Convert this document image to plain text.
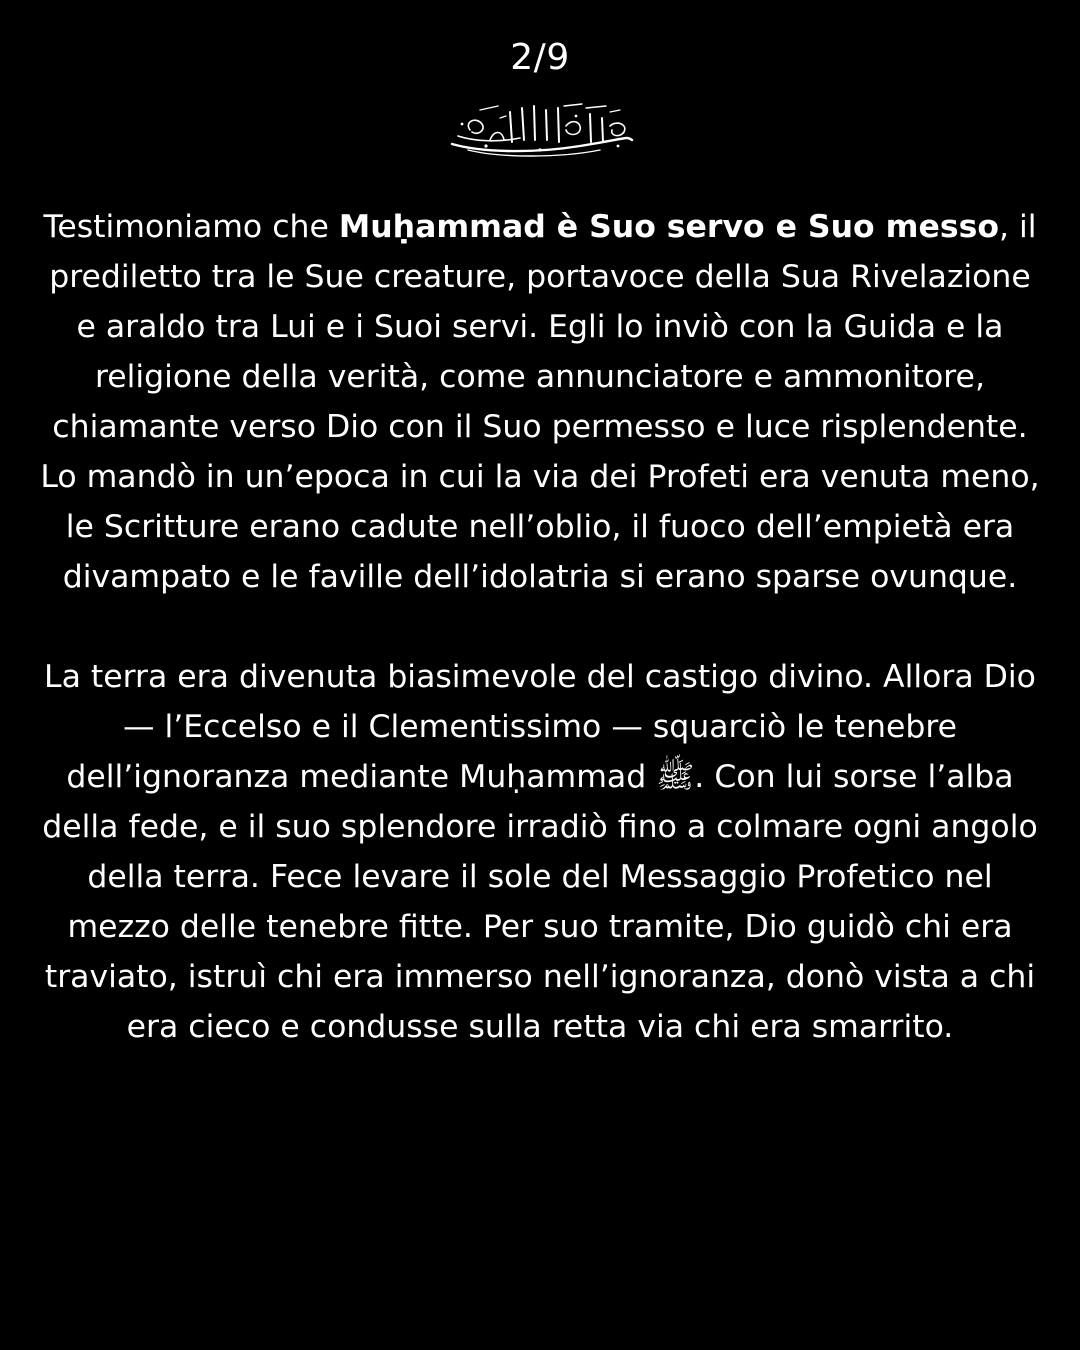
2/9

Testimoniamo che Muḥammad è Suo servo e Suo messo, il prediletto tra le Sue creature, portavoce della Sua Rivelazione e araldo tra Lui e i Suoi servi. Egli lo inviò con la Guida e la religione della verità, come annunciatore e ammonitore, chiamante verso Dio con il Suo permesso e luce risplendente. Lo mandò in un’epoca in cui la via dei Profeti era venuta meno, le Scritture erano cadute nell’oblio, il fuoco dell’empietà era divampato e le faville dell’idolatria si erano sparse ovunque.

La terra era divenuta biasimevole del castigo divino. Allora Dio — l’Eccelso e il Clementissimo — squarciò le tenebre dell’ignoranza mediante Muḥammad ﷺ. Con lui sorse l’alba della fede, e il suo splendore irradiò fino a colmare ogni angolo della terra. Fece levare il sole del Messaggio Profetico nel mezzo delle tenebre fitte. Per suo tramite, Dio guidò chi era traviato, istruì chi era immerso nell’ignoranza, donò vista a chi era cieco e condusse sulla retta via chi era smarrito.
